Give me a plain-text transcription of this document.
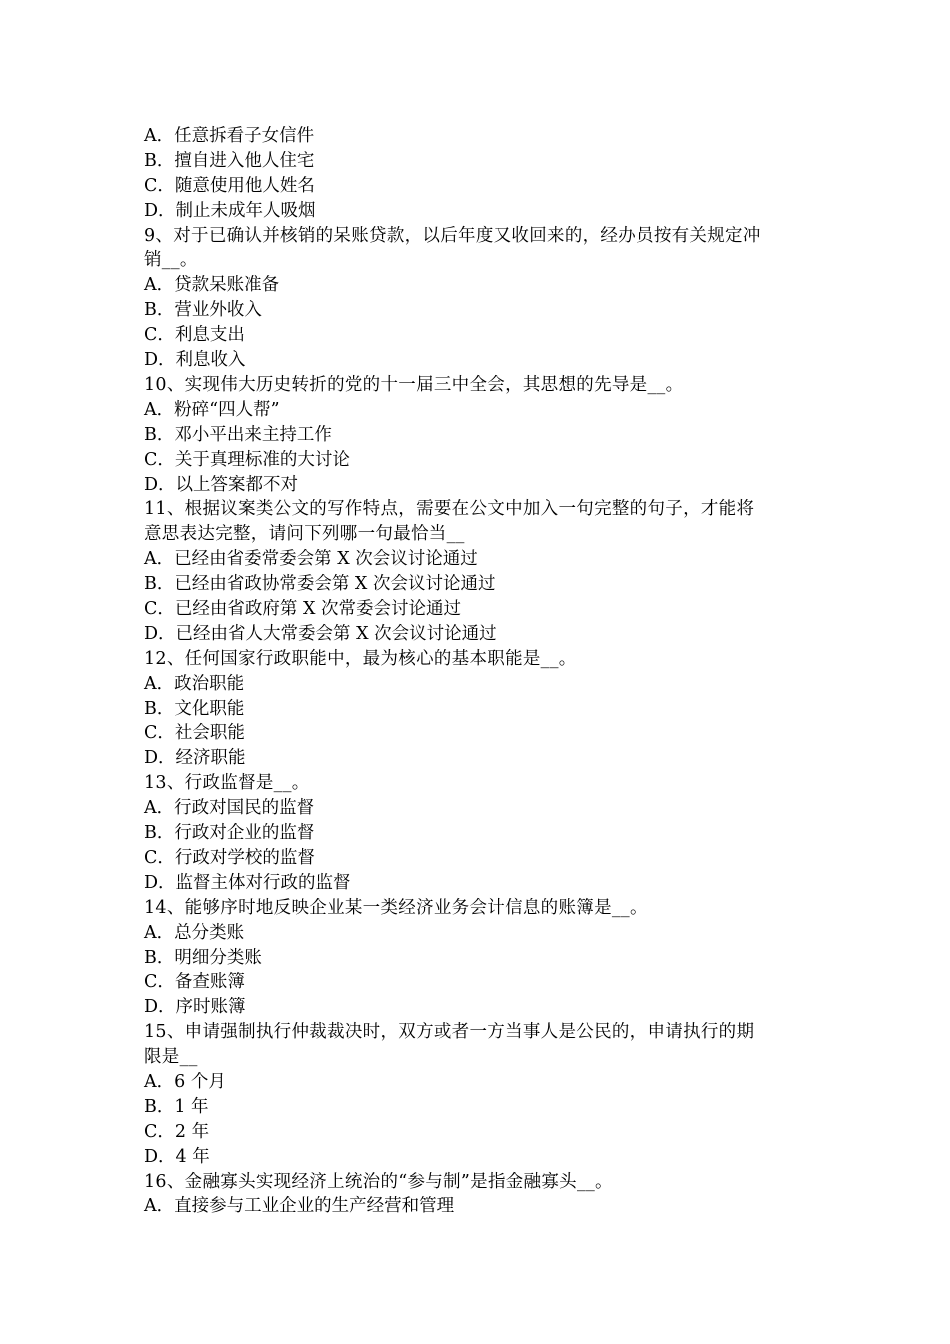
A．任意拆看子女信件
B．擅自进入他人住宅
C．随意使用他人姓名
D．制止未成年人吸烟
9、对于已确认并核销的呆账贷款，以后年度又收回来的，经办员按有关规定冲
销__。
A．贷款呆账准备
B．营业外收入
C．利息支出
D．利息收入
10、实现伟大历史转折的党的十一届三中全会，其思想的先导是__。
A．粉碎“四人帮”
B．邓小平出来主持工作
C．关于真理标准的大讨论
D．以上答案都不对
11、根据议案类公文的写作特点，需要在公文中加入一句完整的句子，才能将
意思表达完整，请问下列哪一句最恰当__
A．已经由省委常委会第 X 次会议讨论通过
B．已经由省政协常委会第 X 次会议讨论通过
C．已经由省政府第 X 次常委会讨论通过
D．已经由省人大常委会第 X 次会议讨论通过
12、任何国家行政职能中，最为核心的基本职能是__。
A．政治职能
B．文化职能
C．社会职能
D．经济职能
13、行政监督是__。
A．行政对国民的监督
B．行政对企业的监督
C．行政对学校的监督
D．监督主体对行政的监督
14、能够序时地反映企业某一类经济业务会计信息的账簿是__。
A．总分类账
B．明细分类账
C．备查账簿
D．序时账簿
15、申请强制执行仲裁裁决时，双方或者一方当事人是公民的，申请执行的期
限是__
A．6 个月
B．1 年
C．2 年
D．4 年
16、金融寡头实现经济上统治的“参与制”是指金融寡头__。
A．直接参与工业企业的生产经营和管理
